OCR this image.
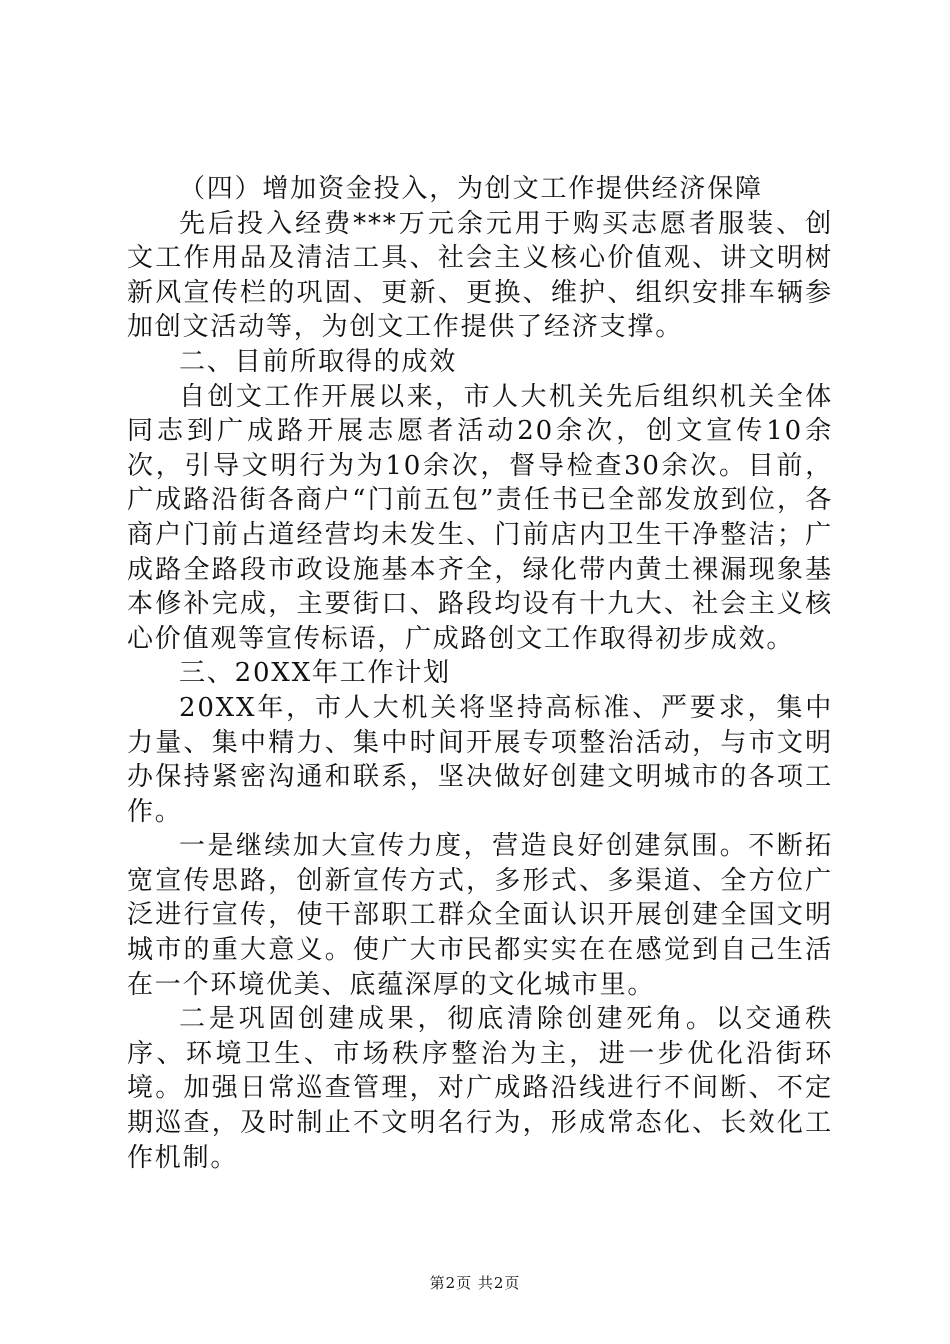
（四）增加资金投入，为创文工作提供经济保障

先后投入经费***万元余元用于购买志愿者服装、创文工作用品及清洁工具、社会主义核心价值观、讲文明树新风宣传栏的巩固、更新、更换、维护、组织安排车辆参加创文活动等，为创文工作提供了经济支撑。

二、目前所取得的成效

自创文工作开展以来，市人大机关先后组织机关全体同志到广成路开展志愿者活动20余次，创文宣传10余次，引导文明行为为10余次，督导检查30余次。目前，广成路沿街各商户“门前五包”责任书已全部发放到位，各商户门前占道经营均未发生、门前店内卫生干净整洁；广成路全路段市政设施基本齐全，绿化带内黄土裸漏现象基本修补完成，主要街口、路段均设有十九大、社会主义核心价值观等宣传标语，广成路创文工作取得初步成效。

三、20XX年工作计划

20XX年，市人大机关将坚持高标准、严要求，集中力量、集中精力、集中时间开展专项整治活动，与市文明办保持紧密沟通和联系，坚决做好创建文明城市的各项工作。

一是继续加大宣传力度，营造良好创建氛围。不断拓宽宣传思路，创新宣传方式，多形式、多渠道、全方位广泛进行宣传，使干部职工群众全面认识开展创建全国文明城市的重大意义。使广大市民都实实在在感觉到自己生活在一个环境优美、底蕴深厚的文化城市里。

二是巩固创建成果，彻底清除创建死角。以交通秩序、环境卫生、市场秩序整治为主，进一步优化沿街环境。加强日常巡查管理，对广成路沿线进行不间断、不定期巡查，及时制止不文明名行为，形成常态化、长效化工作机制。

第2页 共2页
